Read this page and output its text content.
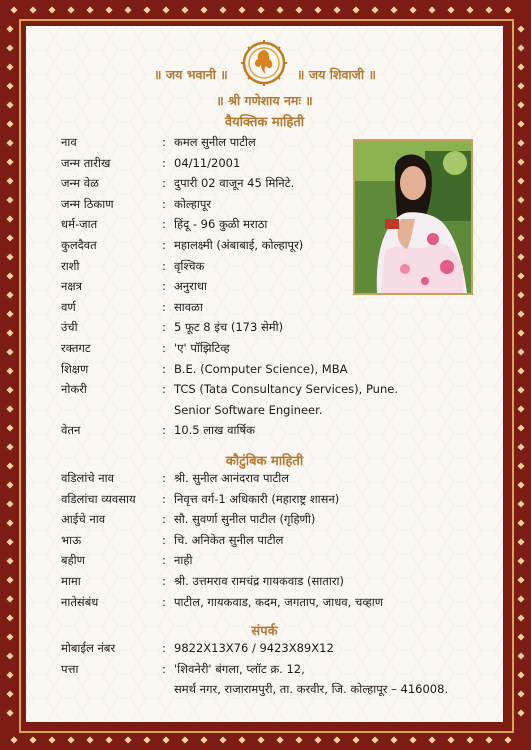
॥ जय भवानी ॥	॥ जय शिवाजी ॥
॥ श्री गणेशाय नमः ॥
वैयक्तिक माहिती
नाव	: कमल सुनील पाटील
जन्म तारीख	: 04/11/2001
जन्म वेळ	: दुपारी 02 वाजून 45 मिनिटे.
जन्म ठिकाण	: कोल्हापूर
धर्म-जात	: हिंदू - 96 कुळी मराठा
कुलदैवत	: महालक्ष्मी (अंबाबाई, कोल्हापूर)
राशी	: वृश्चिक
नक्षत्र	: अनुराधा
वर्ण	: सावळा
उंची	: 5 फूट 8 इंच (173 सेमी)
रक्तगट	: 'ए' पॉझिटिव्ह
शिक्षण	: B.E. (Computer Science), MBA
नोकरी	: TCS (Tata Consultancy Services), Pune.
Senior Software Engineer.
वेतन	: 10.5 लाख वार्षिक
कौटुंबिक माहिती
वडिलांचे नाव	: श्री. सुनील आनंदराव पाटील
वडिलांचा व्यवसाय : निवृत्त वर्ग-1 अधिकारी (महाराष्ट्र शासन)
आईचे नाव	: सौ. सुवर्णा सुनील पाटील (गृहिणी)
भाऊ	: चि. अनिकेत सुनील पाटील
बहीण	: नाही
मामा	: श्री. उत्तमराव रामचंद्र गायकवाड (सातारा)
नातेसंबंध	: पाटील, गायकवाड, कदम, जगताप, जाधव, चव्हाण
संपर्क
मोबाईल नंबर	: 9822X13X76 / 9423X89X12
पत्ता	: 'शिवनेरी' बंगला, प्लॉट क्र. 12,
समर्थ नगर, राजारामपुरी, ता. करवीर, जि. कोल्हापूर – 416008.
